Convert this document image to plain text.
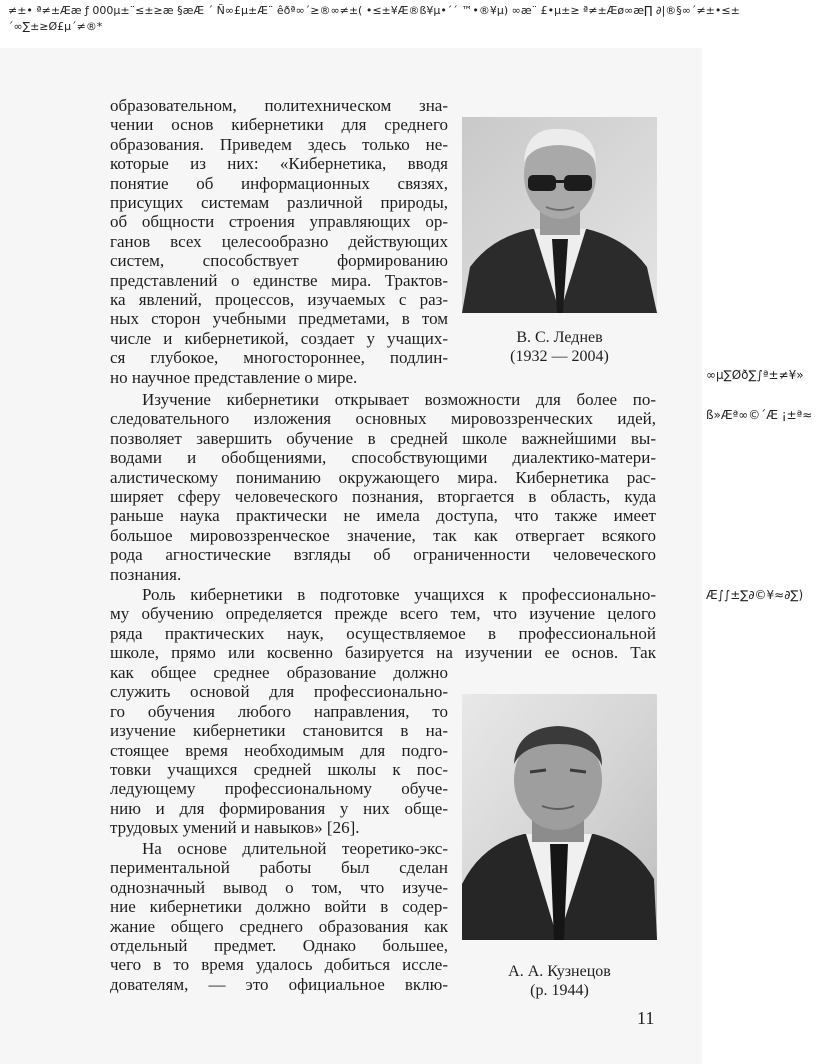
≠±• ª≠±Ææ ƒ 000µ±¨≤±≥æ §æÆ ´ Ñ∞£µ±Æ¨ êðª∞´≥®∞≠±( •≤±¥Æ®ß¥µ•´´ ™•®¥µ) ∞æ¨ £•µ±≥ ª≠±Æø∞æ∏ ∂|®§∞´≠±•≤±
´∞∑±≥Ø£µ´≠®*
образовательном, политехническом зна-
чении основ кибернетики для среднего
образования. Приведем здесь только не-
которые из них: «Кибернетика, вводя
понятие об информационных связях,
присущих системам различной природы,
об общности строения управляющих ор-
ганов всех целесообразно действующих
систем, способствует формированию
представлений о единстве мира. Трактов-
ка явлений, процессов, изучаемых с раз-
ных сторон учебными предметами, в том
числе и кибернетикой, создает у учащих-
ся глубокое, многостороннее, подлин-
но научное представление о мире.
В. С. Леднев
(1932 — 2004)
Изучение кибернетики открывает возможности для более по-
следовательного изложения основных мировоззренческих идей,
позволяет завершить обучение в средней школе важнейшими вы-
водами и обобщениями, способствующими диалектико-матери-
алистическому пониманию окружающего мира. Кибернетика рас-
ширяет сферу человеческого познания, вторгается в область, куда
раньше наука практически не имела доступа, что также имеет
большое мировоззренческое значение, так как отвергает всякого
рода агностические взгляды об ограниченности человеческого
познания.
Роль кибернетики в подготовке учащихся к профессионально-
му обучению определяется прежде всего тем, что изучение целого
ряда практических наук, осуществляемое в профессиональной
школе, прямо или косвенно базируется на изучении ее основ. Так
как общее среднее образование должно
служить основой для профессионально-
го обучения любого направления, то
изучение кибернетики становится в на-
стоящее время необходимым для подго-
товки учащихся средней школы к пос-
ледующему профессиональному обуче-
нию и для формирования у них обще-
трудовых умений и навыков» [26].
На основе длительной теоретико-экс-
периментальной работы был сделан
однозначный вывод о том, что изуче-
ние кибернетики должно войти в содер-
жание общего среднего образования как
отдельный предмет. Однако большее,
чего в то время удалось добиться иссле-
дователям, — это официальное вклю-
А. А. Кузнецов
(р. 1944)
∞µ∑Øð∑∫ª±≠¥»
ß»Æª∞©´Æ ¡±ª≈
Æ∫∫±∑∂©¥≈∂∑)
11
